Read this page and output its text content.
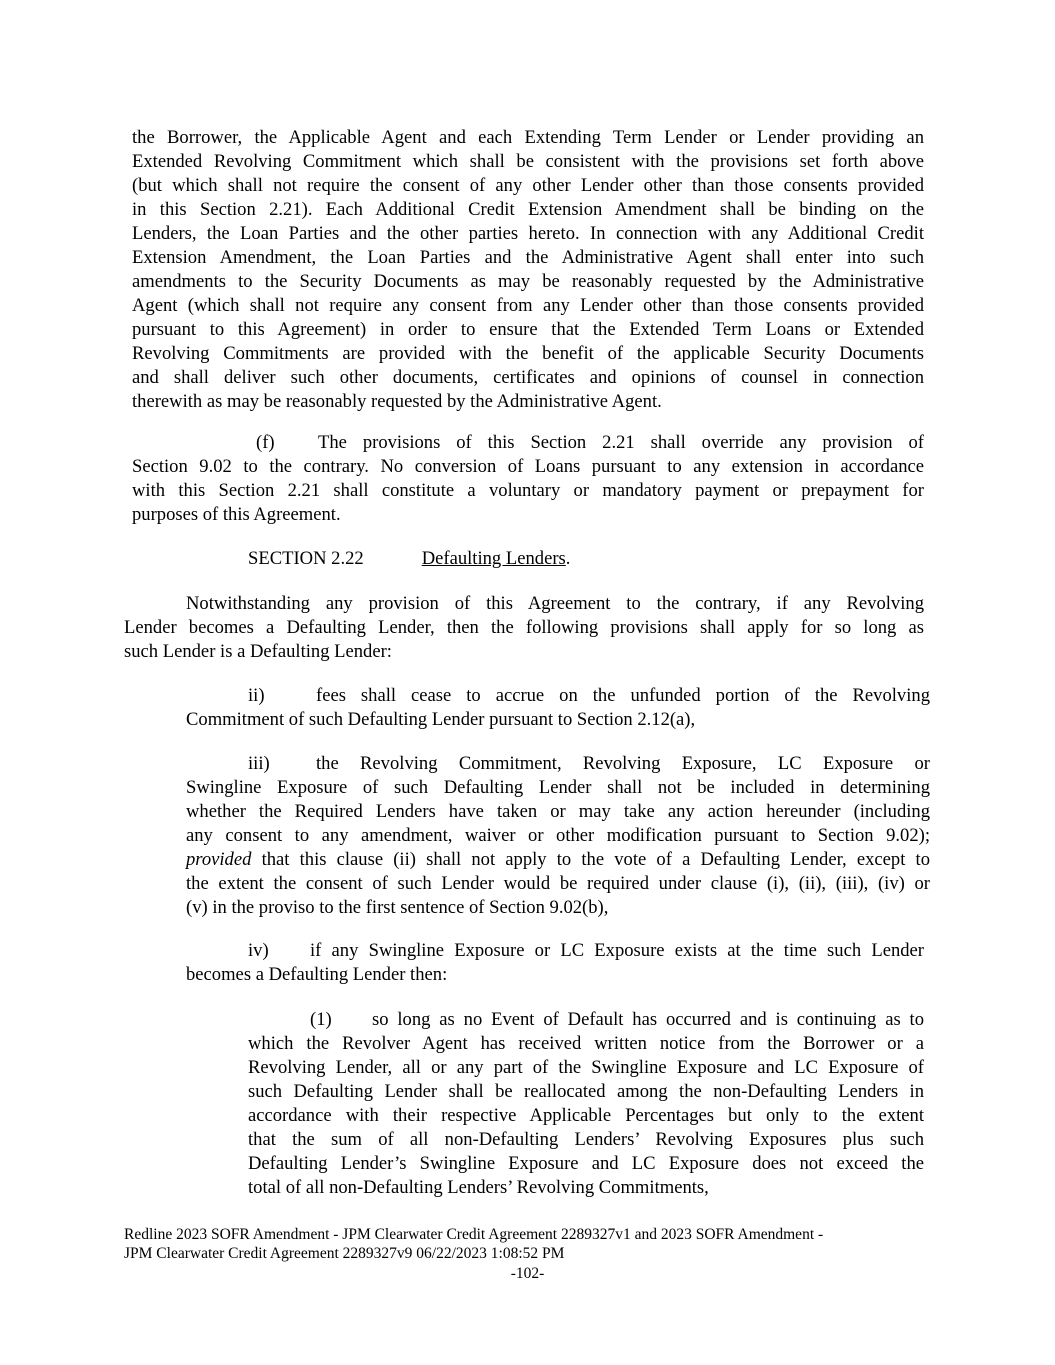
the Borrower, the Applicable Agent and each Extending Term Lender or Lender providing an
Extended Revolving Commitment which shall be consistent with the provisions set forth above
(but which shall not require the consent of any other Lender other than those consents provided
in this Section 2.21). Each Additional Credit Extension Amendment shall be binding on the
Lenders, the Loan Parties and the other parties hereto. In connection with any Additional Credit
Extension Amendment, the Loan Parties and the Administrative Agent shall enter into such
amendments to the Security Documents as may be reasonably requested by the Administrative
Agent (which shall not require any consent from any Lender other than those consents provided
pursuant to this Agreement) in order to ensure that the Extended Term Loans or Extended
Revolving Commitments are provided with the benefit of the applicable Security Documents
and shall deliver such other documents, certificates and opinions of counsel in connection
therewith as may be reasonably requested by the Administrative Agent.
(f) The provisions of this Section 2.21 shall override any provision of
Section 9.02 to the contrary. No conversion of Loans pursuant to any extension in accordance
with this Section 2.21 shall constitute a voluntary or mandatory payment or prepayment for
purposes of this Agreement.
SECTION 2.22	Defaulting Lenders.
Notwithstanding any provision of this Agreement to the contrary, if any Revolving
Lender becomes a Defaulting Lender, then the following provisions shall apply for so long as
such Lender is a Defaulting Lender:
ii)	fees shall cease to accrue on the unfunded portion of the Revolving
Commitment of such Defaulting Lender pursuant to Section 2.12(a),
iii) the Revolving Commitment, Revolving Exposure, LC Exposure or
Swingline Exposure of such Defaulting Lender shall not be included in determining
whether the Required Lenders have taken or may take any action hereunder (including
any consent to any amendment, waiver or other modification pursuant to Section 9.02);
provided that this clause (ii) shall not apply to the vote of a Defaulting Lender, except to
the extent the consent of such Lender would be required under clause (i), (ii), (iii), (iv) or
(v) in the proviso to the first sentence of Section 9.02(b),
iv) if any Swingline Exposure or LC Exposure exists at the time such Lender
becomes a Defaulting Lender then:
(1) so long as no Event of Default has occurred and is continuing as to
which the Revolver Agent has received written notice from the Borrower or a
Revolving Lender, all or any part of the Swingline Exposure and LC Exposure of
such Defaulting Lender shall be reallocated among the non-Defaulting Lenders in
accordance with their respective Applicable Percentages but only to the extent
that the sum of all non-Defaulting Lenders’ Revolving Exposures plus such
Defaulting Lender’s Swingline Exposure and LC Exposure does not exceed the
total of all non-Defaulting Lenders’ Revolving Commitments,
Redline 2023 SOFR Amendment - JPM Clearwater Credit Agreement 2289327v1 and 2023 SOFR Amendment -
JPM Clearwater Credit Agreement 2289327v9 06/22/2023 1:08:52 PM
-102-
